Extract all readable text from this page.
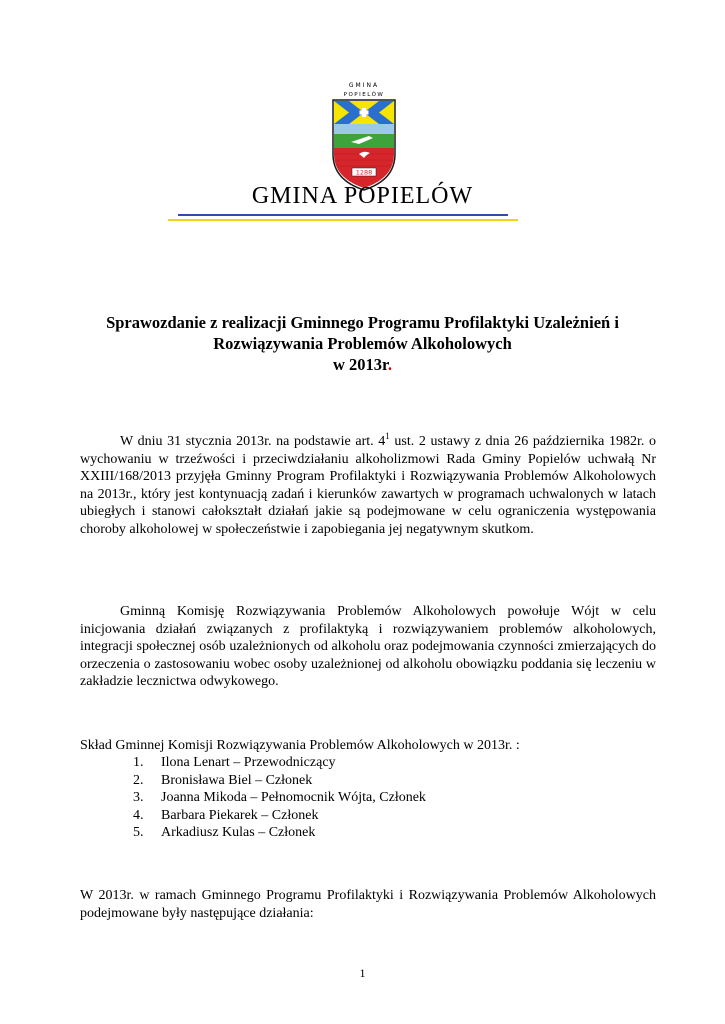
GMINA
POPIELÓW
1288
GMINA POPIELÓW
Sprawozdanie z realizacji Gminnego Programu Profilaktyki Uzależnień i
Rozwiązywania Problemów Alkoholowych
w 2013r.

W dniu 31 stycznia 2013r. na podstawie art. $4^1$ ust. 2 ustawy z dnia 26 października 1982r. o wychowaniu w trzeźwości i przeciwdziałaniu alkoholizmowi Rada Gminy Popielów uchwałą Nr XXIII/168/2013 przyjęła Gminny Program Profilaktyki i Rozwiązywania Problemów Alkoholowych na 2013r., który jest kontynuacją zadań i kierunków zawartych w programach uchwalonych w latach ubiegłych i stanowi całokształt działań jakie są podejmowane w celu ograniczenia występowania choroby alkoholowej w społeczeństwie i zapobiegania jej negatywnym skutkom.

Gminną Komisję Rozwiązywania Problemów Alkoholowych powołuje Wójt w celu inicjowania działań związanych z profilaktyką i rozwiązywaniem problemów alkoholowych, integracji społecznej osób uzależnionych od alkoholu oraz podejmowania czynności zmierzających do orzeczenia o zastosowaniu wobec osoby uzależnionej od alkoholu obowiązku poddania się leczeniu w zakładzie lecznictwa odwykowego.

Skład Gminnej Komisji Rozwiązywania Problemów Alkoholowych w 2013r. :

1. Ilona Lenart – Przewodniczący
2. Bronisława Biel – Członek
3. Joanna Mikoda – Pełnomocnik Wójta, Członek
4. Barbara Piekarek – Członek
5. Arkadiusz Kulas – Członek

W 2013r. w ramach Gminnego Programu Profilaktyki i Rozwiązywania Problemów Alkoholowych podejmowane były następujące działania:

1
